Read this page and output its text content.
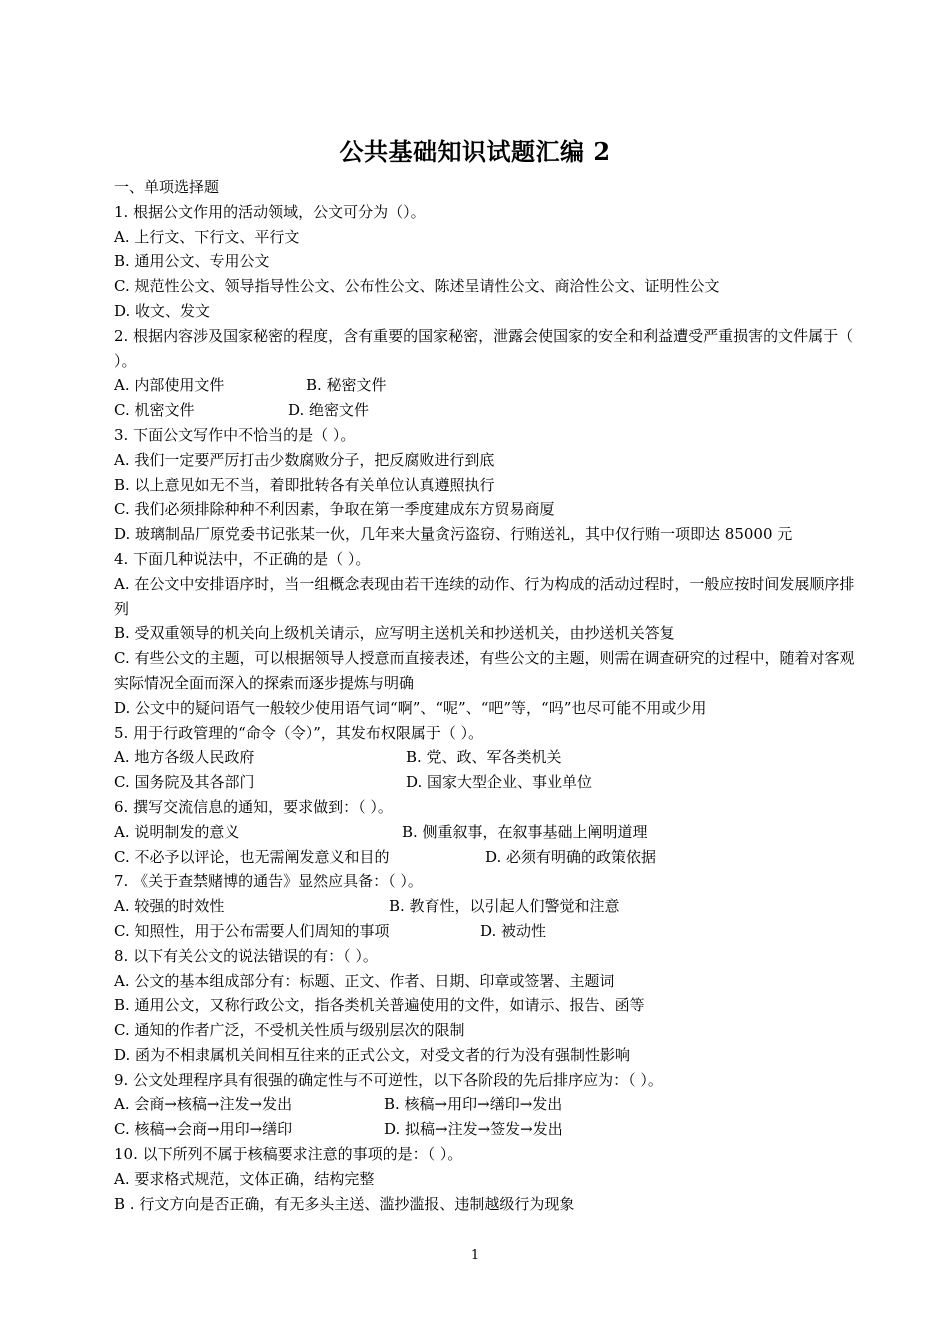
公共基础知识试题汇编 2
一、单项选择题
1. 根据公文作用的活动领域，公文可分为（）。
A. 上行文、下行文、平行文
B. 通用公文、专用公文
C. 规范性公文、领导指导性公文、公布性公文、陈述呈请性公文、商洽性公文、证明性公文
D. 收文、发文
2. 根据内容涉及国家秘密的程度，含有重要的国家秘密，泄露会使国家的安全和利益遭受严重损害的文件属于（ ）。
A. 内部使用文件	B. 秘密文件
C. 机密文件	D. 绝密文件
3. 下面公文写作中不恰当的是（ ）。
A. 我们一定要严厉打击少数腐败分子，把反腐败进行到底
B. 以上意见如无不当，着即批转各有关单位认真遵照执行
C. 我们必须排除种种不利因素，争取在第一季度建成东方贸易商厦
D. 玻璃制品厂原党委书记张某一伙，几年来大量贪污盗窃、行贿送礼，其中仅行贿一项即达 85000 元
4. 下面几种说法中，不正确的是（ ）。
A. 在公文中安排语序时，当一组概念表现由若干连续的动作、行为构成的活动过程时，一般应按时间发展顺序排列
B. 受双重领导的机关向上级机关请示，应写明主送机关和抄送机关，由抄送机关答复
C. 有些公文的主题，可以根据领导人授意而直接表述，有些公文的主题，则需在调查研究的过程中，随着对客观实际情况全面而深入的探索而逐步提炼与明确
D. 公文中的疑问语气一般较少使用语气词“啊”、“呢”、“吧”等，“吗”也尽可能不用或少用
5. 用于行政管理的“命令（令）”，其发布权限属于（ ）。
A. 地方各级人民政府	B. 党、政、军各类机关
C. 国务院及其各部门	D. 国家大型企业、事业单位
6. 撰写交流信息的通知，要求做到：（ ）。
A. 说明制发的意义	B. 侧重叙事，在叙事基础上阐明道理
C. 不必予以评论，也无需阐发意义和目的	D. 必须有明确的政策依据
7. 《关于查禁赌博的通告》显然应具备：（ ）。
A. 较强的时效性	B. 教育性，以引起人们警觉和注意
C. 知照性，用于公布需要人们周知的事项	D. 被动性
8. 以下有关公文的说法错误的有：（ ）。
A. 公文的基本组成部分有：标题、正文、作者、日期、印章或签署、主题词
B. 通用公文，又称行政公文，指各类机关普遍使用的文件，如请示、报告、函等
C. 通知的作者广泛，不受机关性质与级别层次的限制
D. 函为不相隶属机关间相互往来的正式公文，对受文者的行为没有强制性影响
9. 公文处理程序具有很强的确定性与不可逆性，以下各阶段的先后排序应为：（ ）。
A. 会商→核稿→注发→发出	B. 核稿→用印→缮印→发出
C. 核稿→会商→用印→缮印	D. 拟稿→注发→签发→发出
10. 以下所列不属于核稿要求注意的事项的是：（ ）。
A. 要求格式规范，文体正确，结构完整
B . 行文方向是否正确，有无多头主送、滥抄滥报、违制越级行为现象
1
